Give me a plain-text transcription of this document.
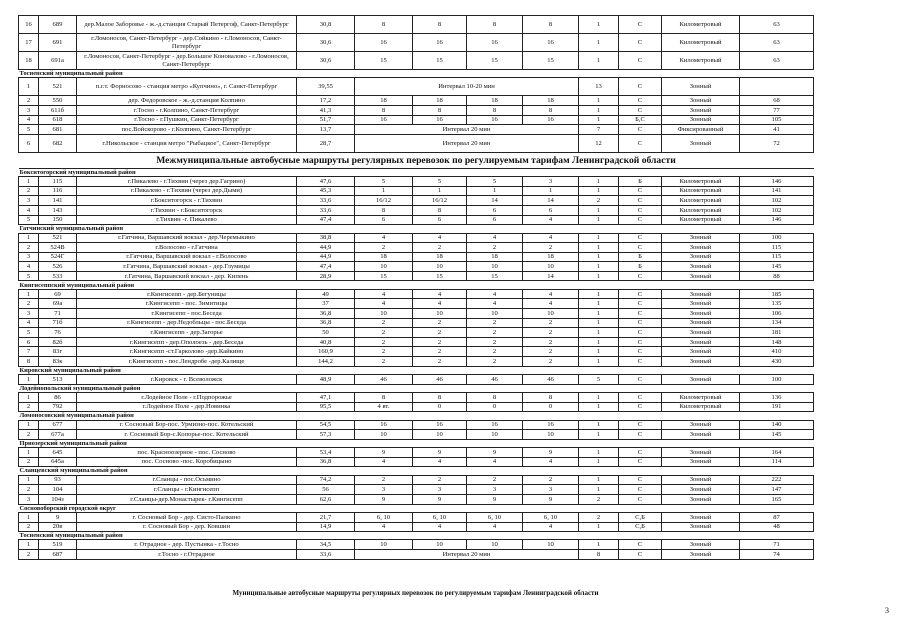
16	689	дер.Малое Заборовье - ж.-д.станция Старый Петергоф, Санкт-Петербург	30,8	8	8	8	8	1	С	Километровый	63
17	691	г.Ломоносов, Санкт-Петербург - дер.Сойкино - г.Ломоносов, Санкт-Петербург	30,6	16	16	16	16	1	С	Километровый	63
18	691а	г.Ломоносов, Санкт-Петербург - дер.Большое Коновалово - г.Ломоносов, Санкт-Петербург	30,6	15	15	15	15	1	С	Километровый	63
Тосненский муниципальный район											
1	521	п.г.т. Форносово - станция метро «Купчино», г. Санкт-Петербург	39,55	Интервал 10-20 мин				13	С	Зонный	
2	550	дер. Федоровское - ж.-д.станция Колпино	17,2	18	18	18	18	1	С	Зонный	68
3	611б	г.Тосно - г.Колпино, Санкт-Петербург	41,3	8	8	8	8	1	С	Зонный	77
4	618	г.Тосно - г.Пушкин, Санкт-Петербург	51,7	16	16	16	16	1	Б,С	Зонный	105
5	681	пос.Войскорово - г.Колпино, Санкт-Петербург	13,7	Интервал 20 мин				7	С	Фиксированный	41
6	682	г.Никольское - станция метро "Рыбацкое", Санкт-Петербург	28,7	Интервал 20 мин				12	С	Зонный	72
Межмуниципальные автобусные маршруты регулярных перевозок по регулируемым тарифам Ленинградской области											
Бокситогорский муниципальный район											
1	115	г.Пикалево - г.Тихвин (через дер.Гагрино)	47,6	5	5	5	3	1	Б	Километровый	146
2	116	г.Пикалево - г.Тихвин (через дер.Дыми)	45,3	1	1	1	1	1	С	Километровый	141
3	141	г.Бокситогорск - г.Тихвин	33,6	16/12	16/12	14	14	2	С	Километровый	102
4	143	г.Тихвин - г.Бокситогорск	33,6	8	8	6	6	1	С	Километровый	102
5	150	г.Тихвин -г. Пикалево	47,4	6	6	6	4	1	С	Километровый	146
Гатчинский муниципальный район											
1	521	г.Гатчина, Варшавский вокзал - дер.Черемыкино	38,8	4	4	4	4	1	С	Зонный	100
2	524В	г.Волосово - г.Гатчина	44,9	2	2	2	2	1	С	Зонный	115
3	524Г	г.Гатчина, Варшавский вокзал - г.Волосово	44,9	18	18	18	18	1	Б	Зонный	115
4	526	г.Гатчина, Варшавский вокзал - дер.Глумицы	47,4	10	10	10	10	1	Б	Зонный	145
5	533	г.Гатчина, Варшавский вокзал - дер. Кипень	28,9	15	15	15	14	1	С	Зонный	88
Кингисеппский муниципальный район											
1	69	г.Кингисепп - дер.Бегуницы	49	4	4	4	4	1	С	Зонный	185
2	69а	г.Кингисепп - пос. Зимитицы	37	4	4	4	4	1	С	Зонный	135
3	71	г.Кингисепп - пос.Беседа	36,8	10	10	10	10	1	С	Зонный	106
4	71б	г.Кингисепп - дер.Недобльцы - пос.Беседа	36,8	2	2	2	2	1	С	Зонный	134
5	76	г.Кингисепп - дер.Загорье	50	2	2	2	2	1	С	Зонный	181
6	82б	г.Кингисепп - дер.Ополоезь - дер.Беседа	40,8	2	2	2	2	1	С	Зонный	148
7	83г	г.Кингисепп -ст.Гарколово -дер.Кайкино	160,9	2	2	2	2	1	С	Зонный	410
8	83к	г.Кингисепп - пос.Лендробе -дер.Калище	144,2	2	2	2	2	1	С	Зонный	430
Кировский муниципальный район											
1	513	г.Кировск - г. Всеволожск	48,9	46	46	46	46	5	С	Зонный	100
Лодейнопольский муниципальный район											
1	86	г.Лодейное Поле - г.Подпорожье	47,1	8	8	8	8	1	С	Километровый	136
2	792	г.Лодейное Поле - дер.Новинка	95,5	4 вт.	0	0	0	1	С	Километровый	191
Ломоносовский муниципальный район											
1	677	г. Сосновый Бор-пос. Урмизно-пос. Котельский	54,5	16	16	16	16	1	С	Зонный	140
2	677а	г. Сосновый Бор-с.Копорье-пос. Котельский	57,3	10	10	10	10	1	С	Зонный	145
Приозерский муниципальный район											
1	645	пос. Красноозерное - пос. Сосново	53,4	9	9	9	9	1	С	Зонный	164
2	645а	пос. Сосново -пос. Коробицыно	36,8	4	4	4	4	1	С	Зонный	114
Сланцевский муниципальный район											
1	93	г.Сланцы - пос.Осьмино	74,2	2	2	2	2	1	С	Зонный	222
2	104	г.Сланцы - г.Кингисепп	56	3	3	3	3	1	С	Зонный	147
3	104з	г.Сланцы-дер.Монастырек- г.Кингисепп	62,6	9	9	9	9	2	С	Зонный	165
Сосновоборский городской округ											
1	9	г. Сосновый Бор - дер. Систо-Палкино	21,7	6, 10	6, 10	6, 10	6, 10	2	С,Б	Зонный	87
2	20в	г. Сосновый Бор - дер. Ковшин	14,9	4	4	4	4	1	С,Б	Зонный	48
Тосненский муниципальный район											
1	519	г. Отрадное - дер. Пустынка - г.Тосно	34,5	10	10	10	10	1	С	Зонный	71
2	687	г.Тосно - г.Отрадное	33,6	Интервал 20 мин				8	С	Зонный	74
Муниципальные автобусные маршруты регулярных перевозок по регулируемым тарифам Ленинградской области
3
